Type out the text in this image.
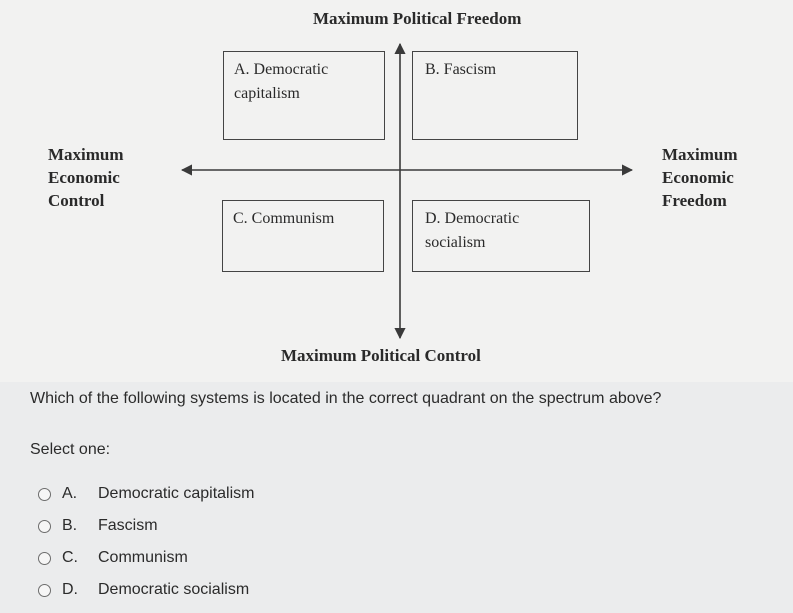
Maximum Political Freedom
Maximum Political Control
Maximum
Economic
Control
Maximum
Economic
Freedom
A. Democratic
capitalism
B. Fascism
C. Communism	D. Democratic
socialism
Which of the following systems is located in the correct quadrant on the spectrum above?
Select one:
A.	Democratic capitalism
B.	Fascism
C.	Communism
D.	Democratic socialism
